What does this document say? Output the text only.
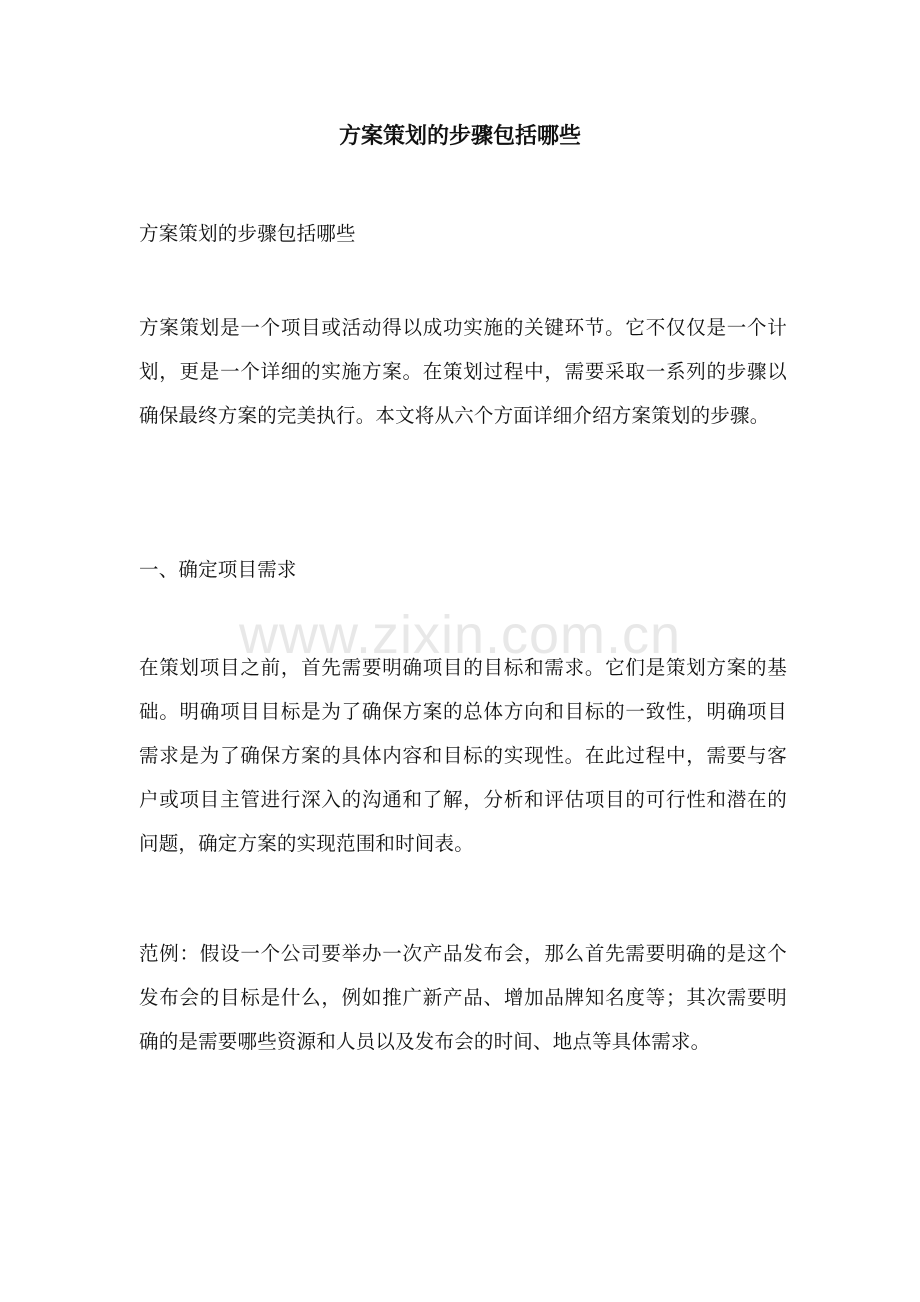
方案策划的步骤包括哪些

方案策划的步骤包括哪些

方案策划是一个项目或活动得以成功实施的关键环节。它不仅仅是一个计划，更是一个详细的实施方案。在策划过程中，需要采取一系列的步骤以确保最终方案的完美执行。本文将从六个方面详细介绍方案策划的步骤。

一、确定项目需求

www.zixin.com.cn

在策划项目之前，首先需要明确项目的目标和需求。它们是策划方案的基础。明确项目目标是为了确保方案的总体方向和目标的一致性，明确项目需求是为了确保方案的具体内容和目标的实现性。在此过程中，需要与客户或项目主管进行深入的沟通和了解，分析和评估项目的可行性和潜在的问题，确定方案的实现范围和时间表。

范例：假设一个公司要举办一次产品发布会，那么首先需要明确的是这个发布会的目标是什么，例如推广新产品、增加品牌知名度等；其次需要明确的是需要哪些资源和人员以及发布会的时间、地点等具体需求。
